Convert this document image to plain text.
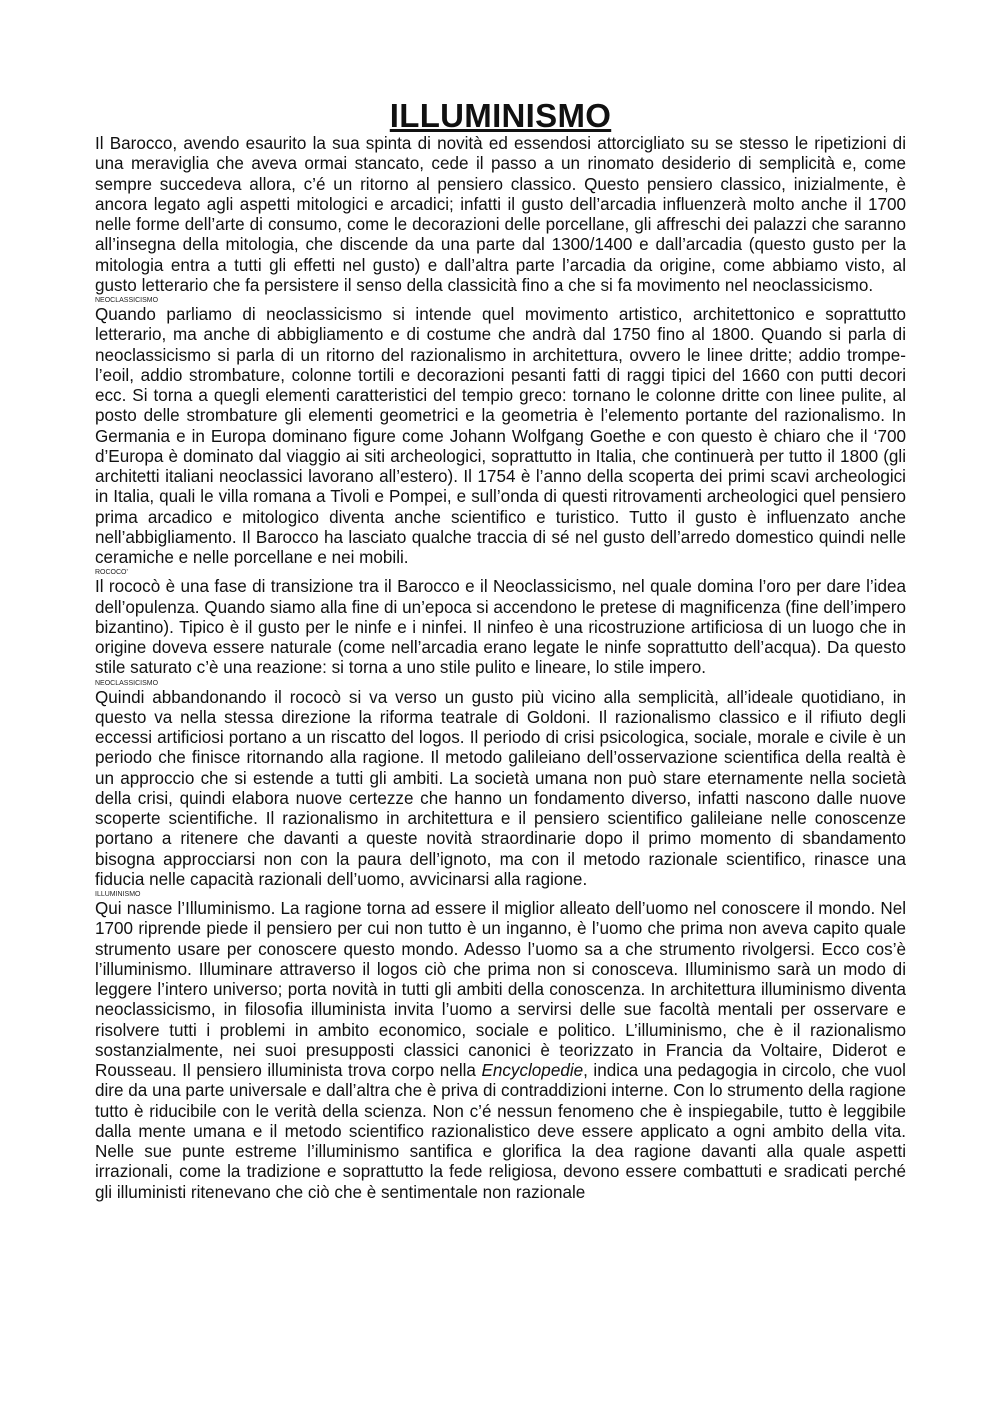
ILLUMINISMO

Il Barocco, avendo esaurito la sua spinta di novità ed essendosi attorcigliato su se stesso le ripetizioni di una meraviglia che aveva ormai stancato, cede il passo a un rinomato desiderio di semplicità e, come sempre succedeva allora, c’é un ritorno al pensiero classico. Questo pensiero classico, inizialmente, è ancora legato agli aspetti mitologici e arcadici; infatti il gusto dell’arcadia influenzerà molto anche il 1700 nelle forme dell’arte di consumo, come le decorazioni delle porcellane, gli affreschi dei palazzi che saranno all’insegna della mitologia, che discende da una parte dal 1300/1400 e dall’arcadia (questo gusto per la mitologia entra a tutti gli effetti nel gusto) e dall’altra parte l’arcadia da origine, come abbiamo visto, al gusto letterario che fa persistere il senso della classicità fino a che si fa movimento nel neoclassicismo.

NEOCLASSICISMO

Quando parliamo di neoclassicismo si intende quel movimento artistico, architettonico e soprattutto letterario, ma anche di abbigliamento e di costume che andrà dal 1750 fino al 1800. Quando si parla di neoclassicismo si parla di un ritorno del razionalismo in architettura, ovvero le linee dritte; addio trompe-l’eoil, addio strombature, colonne tortili e decorazioni pesanti fatti di raggi tipici del 1660 con putti decori ecc. Si torna a quegli elementi caratteristici del tempio greco: tornano le colonne dritte con linee pulite, al posto delle strombature gli elementi geometrici e la geometria è l’elemento portante del razionalismo. In Germania e in Europa dominano figure come Johann Wolfgang Goethe e con questo è chiaro che il ‘700 d’Europa è dominato dal viaggio ai siti archeologici, soprattutto in Italia, che continuerà per tutto il 1800 (gli architetti italiani neoclassici lavorano all’estero). Il 1754 è l’anno della scoperta dei primi scavi archeologici in Italia, quali le villa romana a Tivoli e Pompei, e sull’onda di questi ritrovamenti archeologici quel pensiero prima arcadico e mitologico diventa anche scientifico e turistico. Tutto il gusto è influenzato anche nell’abbigliamento. Il Barocco ha lasciato qualche traccia di sé nel gusto dell’arredo domestico quindi nelle ceramiche e nelle porcellane e nei mobili.

ROCOCO'

Il rococò è una fase di transizione tra il Barocco e il Neoclassicismo, nel quale domina l’oro per dare l’idea dell’opulenza. Quando siamo alla fine di un’epoca si accendono le pretese di magnificenza (fine dell’impero bizantino). Tipico è il gusto per le ninfe e i ninfei. Il ninfeo è una ricostruzione artificiosa di un luogo che in origine doveva essere naturale (come nell’arcadia erano legate le ninfe soprattutto dell’acqua). Da questo stile saturato c’è una reazione: si torna a uno stile pulito e lineare, lo stile impero.

NEOCLASSICISMO

Quindi abbandonando il rococò si va verso un gusto più vicino alla semplicità, all’ideale quotidiano, in questo va nella stessa direzione la riforma teatrale di Goldoni. Il razionalismo classico e il rifiuto degli eccessi artificiosi portano a un riscatto del logos. Il periodo di crisi psicologica, sociale, morale e civile è un periodo che finisce ritornando alla ragione. Il metodo galileiano dell’osservazione scientifica della realtà è un approccio che si estende a tutti gli ambiti. La società umana non può stare eternamente nella società della crisi, quindi elabora nuove certezze che hanno un fondamento diverso, infatti nascono dalle nuove scoperte scientifiche. Il razionalismo in architettura e il pensiero scientifico galileiane nelle conoscenze portano a ritenere che davanti a queste novità straordinarie dopo il primo momento di sbandamento bisogna approcciarsi non con la paura dell’ignoto, ma con il metodo razionale scientifico, rinasce una fiducia nelle capacità razionali dell’uomo, avvicinarsi alla ragione.

ILLUMINISMO

Qui nasce l’Illuminismo. La ragione torna ad essere il miglior alleato dell’uomo nel conoscere il mondo. Nel 1700 riprende piede il pensiero per cui non tutto è un inganno, è l’uomo che prima non aveva capito quale strumento usare per conoscere questo mondo. Adesso l’uomo sa a che strumento rivolgersi. Ecco cos’è l’illuminismo. Illuminare attraverso il logos ciò che prima non si conosceva. Illuminismo sarà un modo di leggere l’intero universo; porta novità in tutti gli ambiti della conoscenza. In architettura illuminismo diventa neoclassicismo, in filosofia illuminista invita l’uomo a servirsi delle sue facoltà mentali per osservare e risolvere tutti i problemi in ambito economico, sociale e politico. L’illuminismo, che è il razionalismo sostanzialmente, nei suoi presupposti classici canonici è teorizzato in Francia da Voltaire, Diderot e Rousseau. Il pensiero illuminista trova corpo nella Encyclopedie, indica una pedagogia in circolo, che vuol dire da una parte universale e dall’altra che è priva di contraddizioni interne. Con lo strumento della ragione tutto è riducibile con le verità della scienza. Non c’é nessun fenomeno che è inspiegabile, tutto è leggibile dalla mente umana e il metodo scientifico razionalistico deve essere applicato a ogni ambito della vita. Nelle sue punte estreme l’illuminismo santifica e glorifica la dea ragione davanti alla quale aspetti irrazionali, come la tradizione e soprattutto la fede religiosa, devono essere combattuti e sradicati perché gli illuministi ritenevano che ciò che è sentimentale non razionale
